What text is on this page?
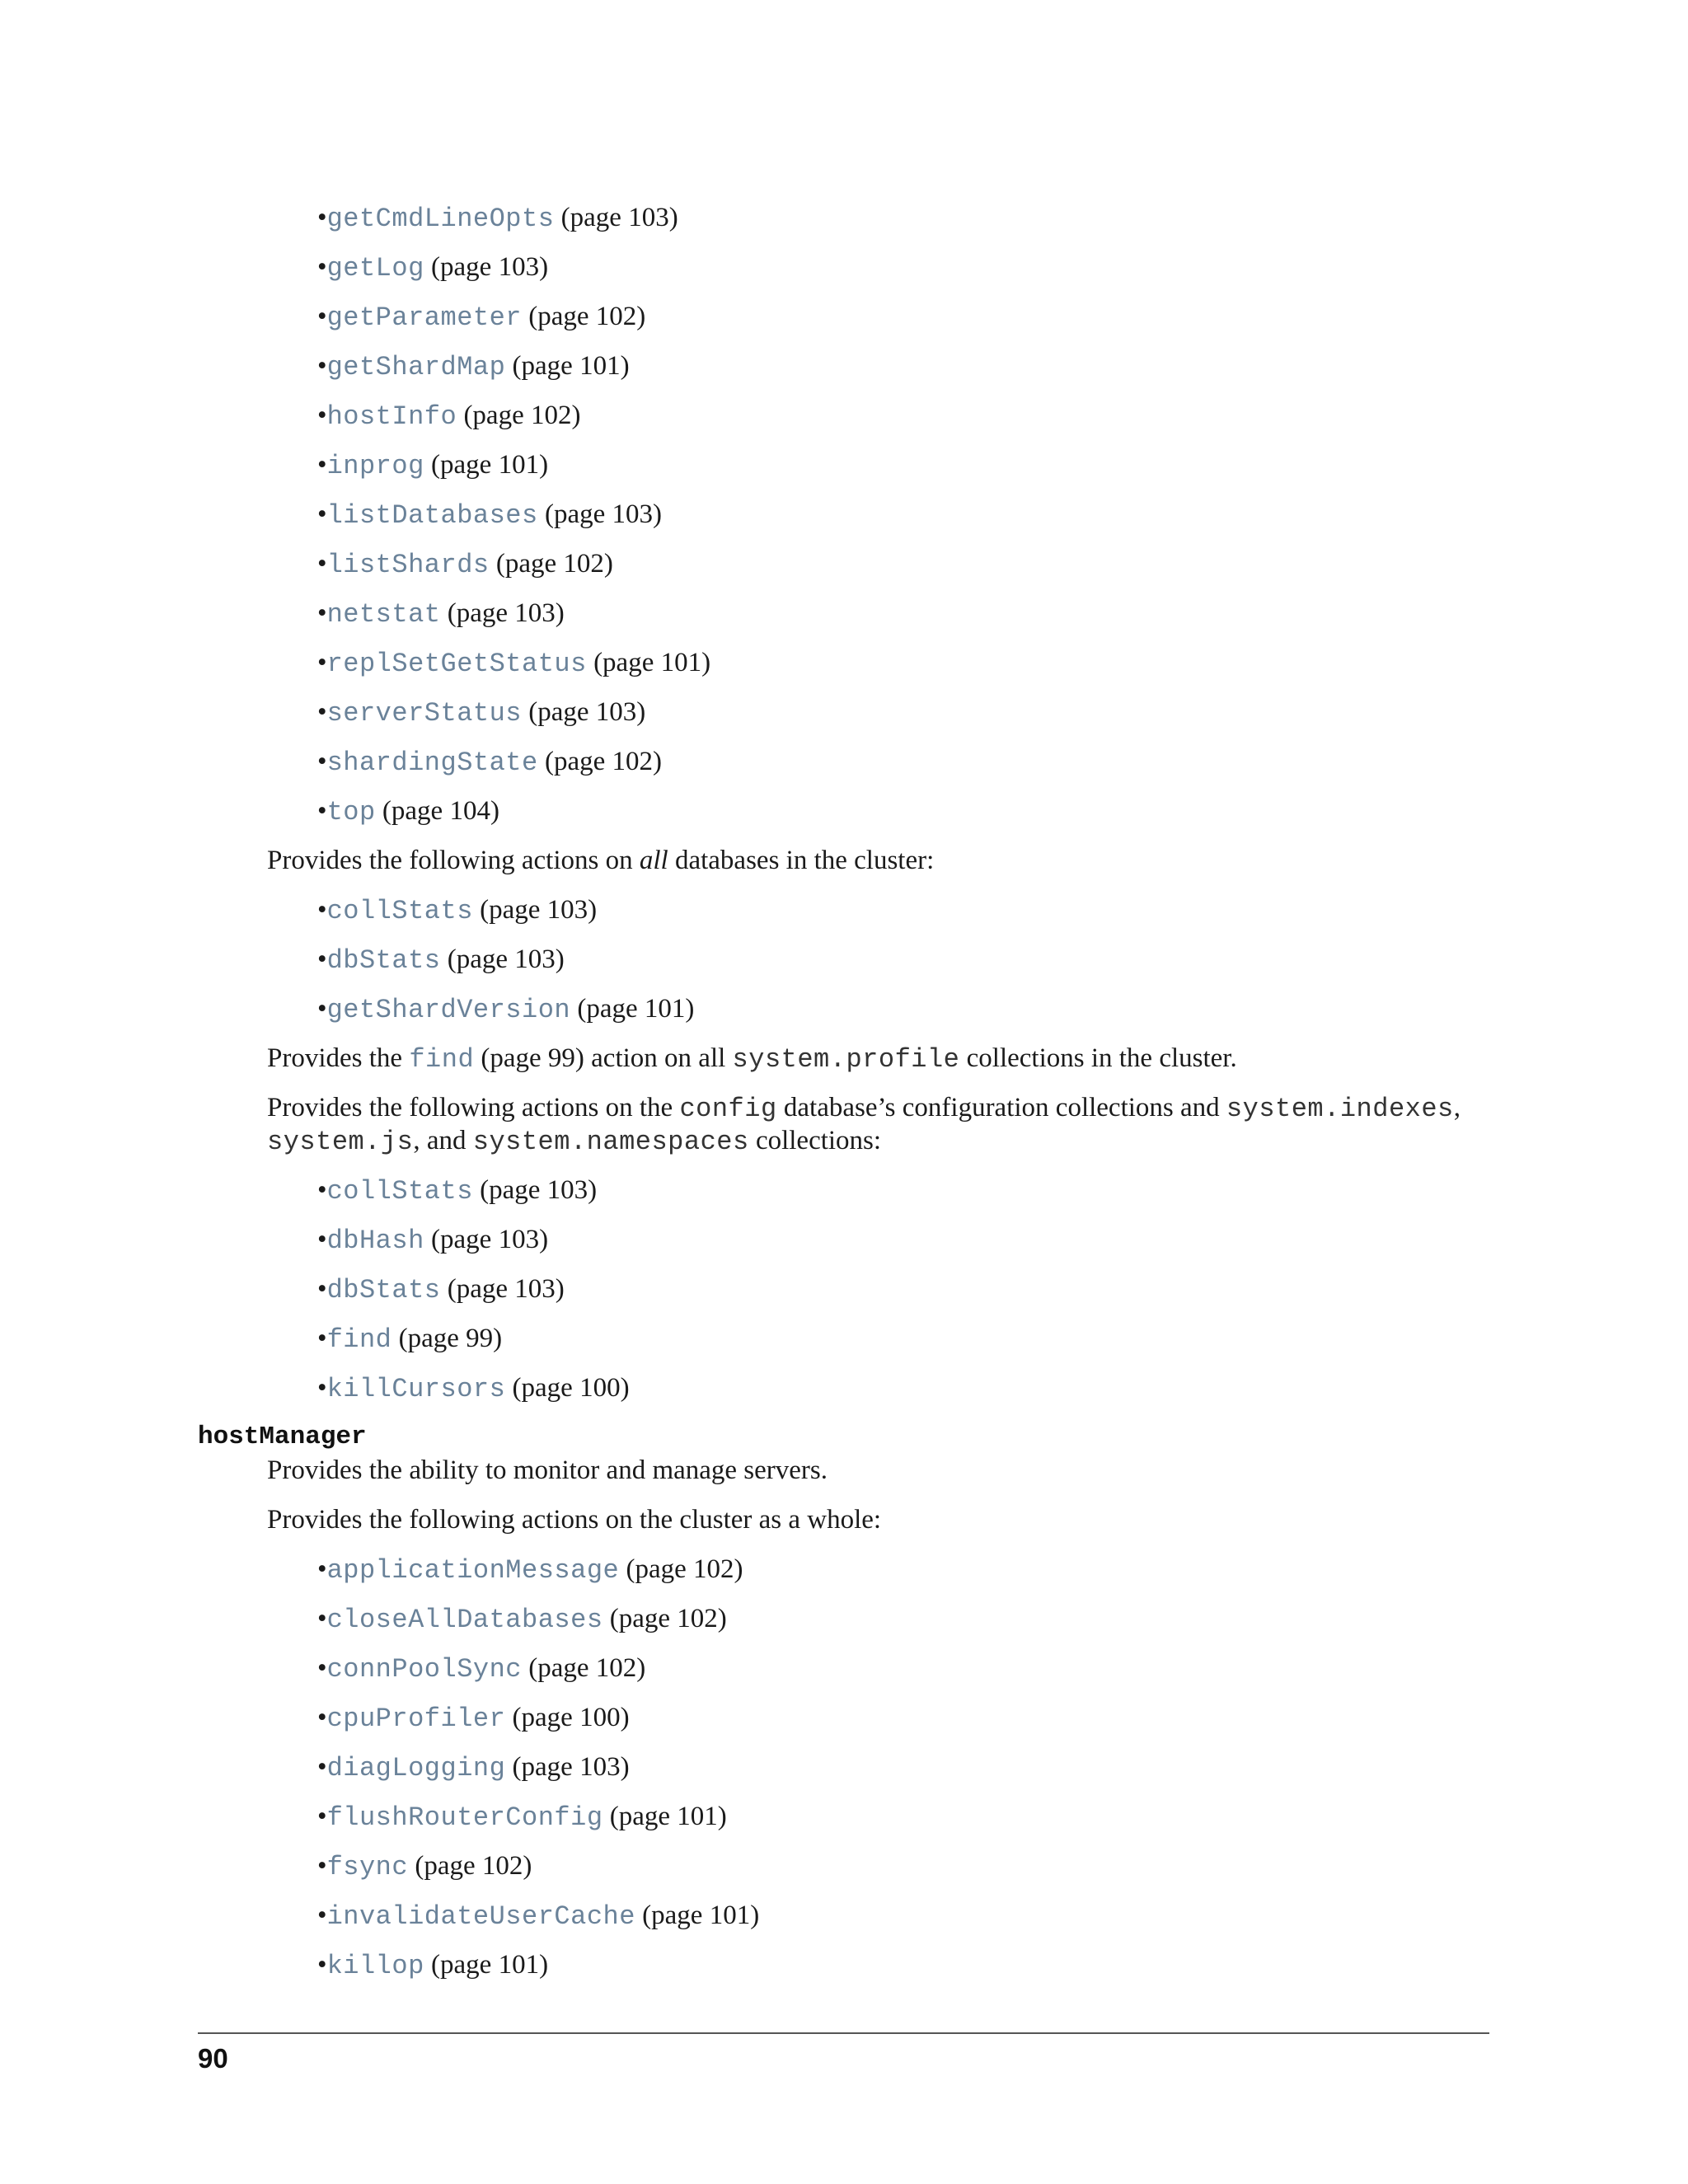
•getCmdLineOpts (page 103)
•getLog (page 103)
•getParameter (page 102)
•getShardMap (page 101)
•hostInfo (page 102)
•inprog (page 101)
•listDatabases (page 103)
•listShards (page 102)
•netstat (page 103)
•replSetGetStatus (page 101)
•serverStatus (page 103)
•shardingState (page 102)
•top (page 104)
Provides the following actions on all databases in the cluster:
•collStats (page 103)
•dbStats (page 103)
•getShardVersion (page 101)
Provides the find (page 99) action on all system.profile collections in the cluster.
Provides the following actions on the config database’s configuration collections and system.indexes,
system.js, and system.namespaces collections:
•collStats (page 103)
•dbHash (page 103)
•dbStats (page 103)
•find (page 99)
•killCursors (page 100)
hostManager
Provides the ability to monitor and manage servers.
Provides the following actions on the cluster as a whole:
•applicationMessage (page 102)
•closeAllDatabases (page 102)
•connPoolSync (page 102)
•cpuProfiler (page 100)
•diagLogging (page 103)
•flushRouterConfig (page 101)
•fsync (page 102)
•invalidateUserCache (page 101)
•killop (page 101)
90
